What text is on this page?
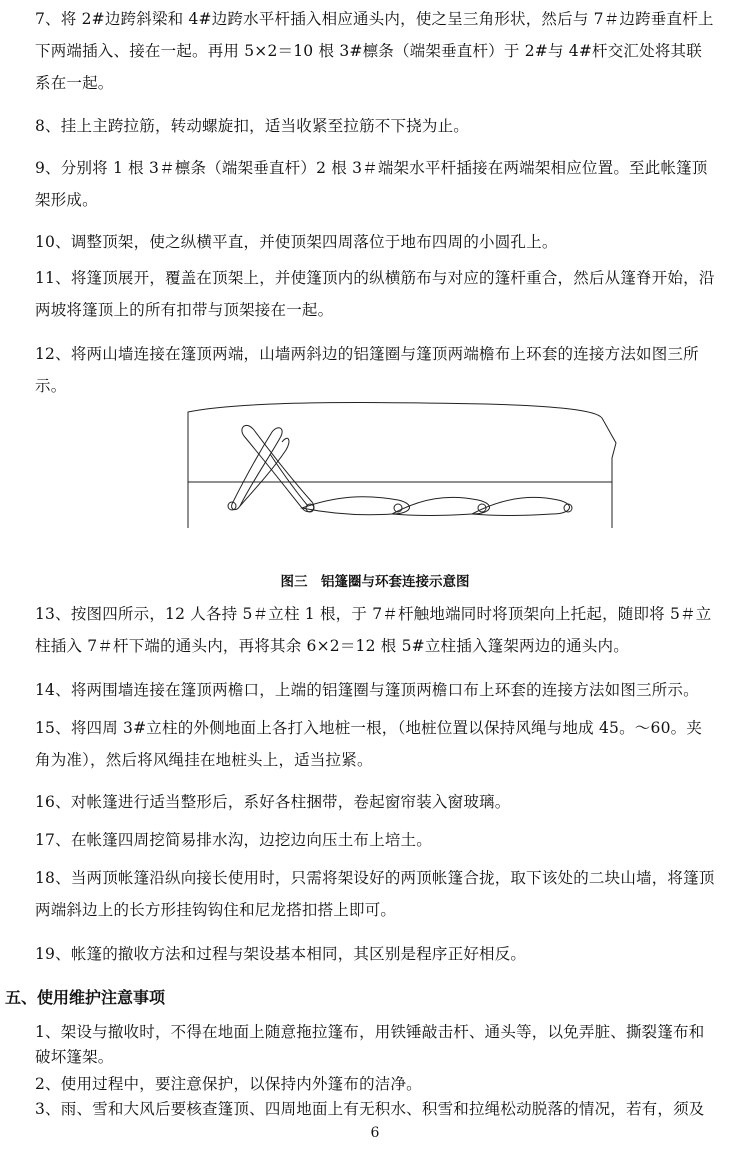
7、将 2#边跨斜梁和 4#边跨水平杆插入相应通头内，使之呈三角形状，然后与 7＃边跨垂直杆上下两端插入、接在一起。再用 5×2＝10 根 3#檩条（端架垂直杆）于 2#与 4#杆交汇处将其联系在一起。
8、挂上主跨拉筋，转动螺旋扣，适当收紧至拉筋不下挠为止。
9、分别将 1 根 3＃檩条（端架垂直杆）2 根 3＃端架水平杆插接在两端架相应位置。至此帐篷顶架形成。
10、调整顶架，使之纵横平直，并使顶架四周落位于地布四周的小圆孔上。
11、将篷顶展开，覆盖在顶架上，并使篷顶内的纵横筋布与对应的篷杆重合，然后从篷脊开始，沿两坡将篷顶上的所有扣带与顶架接在一起。
12、将两山墙连接在篷顶两端，山墙两斜边的铝篷圈与篷顶两端檐布上环套的连接方法如图三所示。
图三　铝篷圈与环套连接示意图
13、按图四所示，12 人各持 5＃立柱 1 根，于 7＃杆触地端同时将顶架向上托起，随即将 5＃立柱插入 7＃杆下端的通头内，再将其余 6×2＝12 根 5#立柱插入篷架两边的通头内。
14、将两围墙连接在篷顶两檐口，上端的铝篷圈与篷顶两檐口布上环套的连接方法如图三所示。
15、将四周 3#立柱的外侧地面上各打入地桩一根，（地桩位置以保持风绳与地成 45。～60。夹角为准），然后将风绳挂在地桩头上，适当拉紧。
16、对帐篷进行适当整形后，系好各柱捆带，卷起窗帘装入窗玻璃。
17、在帐篷四周挖简易排水沟，边挖边向压土布上培土。
18、当两顶帐篷沿纵向接长使用时，只需将架设好的两顶帐篷合拢，取下该处的二块山墙，将篷顶两端斜边上的长方形挂钩钩住和尼龙搭扣搭上即可。
19、帐篷的撤收方法和过程与架设基本相同，其区别是程序正好相反。
五、使用维护注意事项
1、架设与撤收时，不得在地面上随意拖拉篷布，用铁锤敲击杆、通头等，以免弄脏、撕裂篷布和破坏篷架。
2、使用过程中，要注意保护，以保持内外篷布的洁净。
3、雨、雪和大风后要核查篷顶、四周地面上有无积水、积雪和拉绳松动脱落的情况，若有，须及
6
